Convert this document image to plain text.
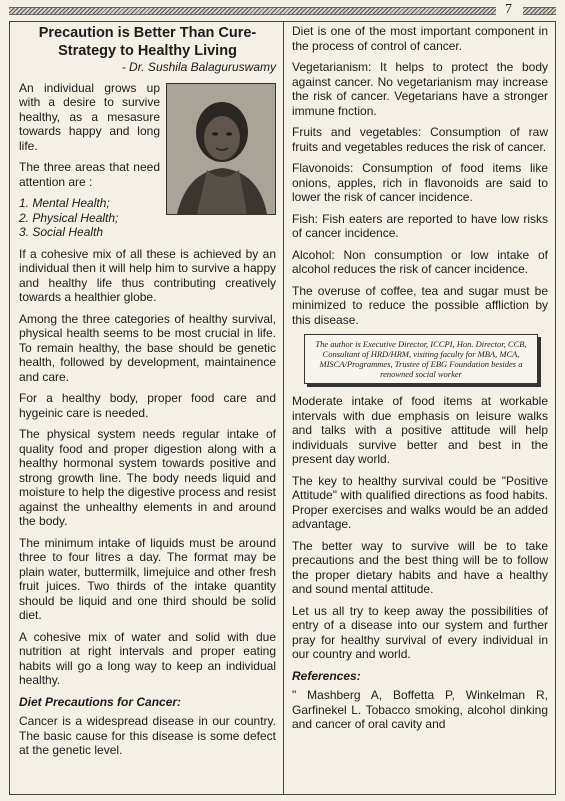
7
Precaution is Better Than Cure-Strategy to Healthy Living

- Dr. Sushila Balaguruswamy

An individual grows up with a desire to survive healthy, as a mesasure towards happy and long life.

The three areas that need attention are :

1. Mental Health;
2. Physical Health;
3. Social Health

If a cohesive mix of all these is achieved by an individual then it will help him to survive a happy and healthy life thus contributing creatively towards a healthier globe.

Among the three categories of healthy survival, physical health seems to be most crucial in life. To remain healthy, the base should be genetic health, followed by development, maintainence and care.

For a healthy body, proper food care and hygeinic care is needed.

The physical system needs regular intake of quality food and proper digestion along with a healthy hormonal system towards positive and strong growth line. The body needs liquid and moisture to help the digestive process and resist against the unhealthy elements in and around the body.

The minimum intake of liquids must be around three to four litres a day. The format may be plain water, buttermilk, limejuice and other fresh fruit juices. Two thirds of the intake quantity should be liquid and one third should be solid diet.

A cohesive mix of water and solid with due nutrition at right intervals and proper eating habits will go a long way to keep an individual healthy.

Diet Precautions for Cancer:

Cancer is a widespread disease in our country. The basic cause for this disease is some defect at the genetic level.

Diet is one of the most important component in the process of control of cancer.

Vegetarianism: It helps to protect the body against cancer. No vegetarianism may increase the risk of cancer. Vegetarians have a stronger immune fnction.

Fruits and vegetables: Consumption of raw fruits and vegetables reduces the risk of cancer.

Flavonoids: Consumption of food items like onions, apples, rich in flavonoids are said to lower the risk of cancer incidence.

Fish: Fish eaters are reported to have low risks of cancer incidence.

Alcohol: Non consumption or low intake of alcohol reduces the risk of cancer incidence.

The overuse of coffee, tea and sugar must be minimized to reduce the possible affliction by this disease.

The author is Executive Director, ICCPI, Hon. Director, CCB, Consultant of HRD/HRM, visiting faculty for MBA, MCA, MISCA/Programmes, Trustee of EBG Foundation besides a renowned social worker

Moderate intake of food items at workable intervals with due emphasis on leisure walks and talks with a positive attitude will help individuals survive better and best in the present day world.

The key to healthy survival could be "Positive Attitude" with qualified directions as food habits. Proper exercises and walks would be an added advantage.

The better way to survive will be to take precautions and the best thing will be to follow the proper dietary habits and have a healthy and sound mental attitude.

Let us all try to keep away the possibilities of entry of a disease into our system and further pray for healthy survival of every individual in our country and world.

References:

" Mashberg A, Boffetta P, Winkelman R, Garfinekel L. Tobacco smoking, alcohol dinking and cancer of oral cavity and
